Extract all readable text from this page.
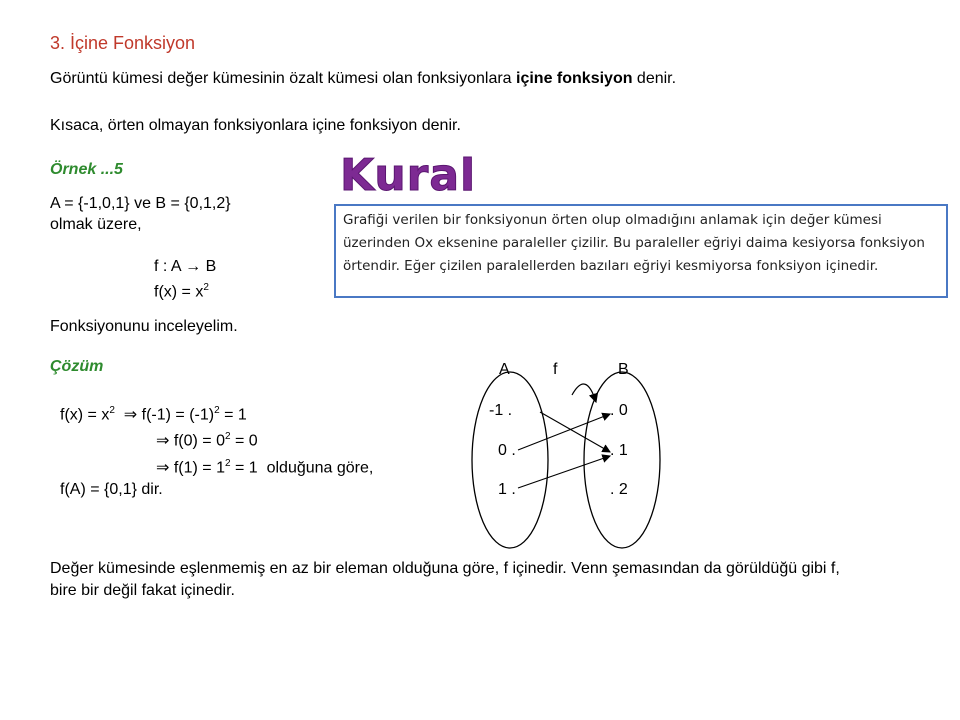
3. İçine Fonksiyon
Görüntü kümesi değer kümesinin özalt kümesi olan fonksiyonlara içine fonksiyon denir.
Kısaca, örten olmayan fonksiyonlara içine fonksiyon denir.
Örnek ...5
A = {-1,0,1} ve B = {0,1,2}
olmak üzere,
f : A → B
$f(x) = x^2$
Kural
Grafiği verilen bir fonksiyonun örten olup olmadığını anlamak için değer kümesi üzerinden Ox eksenine paraleller çizilir. Bu paraleller eğriyi daima kesiyorsa fonksiyon örtendir. Eğer çizilen paralellerden bazıları eğriyi kesmiyorsa fonksiyon içinedir.
Fonksiyonunu inceleyelim.
Çözüm
$f(x) = x^2$ ⇒ $f(-1) = (-1)^2 = 1$
⇒ $f(0) = 0^2 = 0$
⇒ $f(1) = 1^2 = 1$  olduğuna göre,
f(A) = {0,1} dir.
A	f	B
-1 .
0 .
1 .
. 0
. 1
. 2
Değer kümesinde eşlenmemiş en az bir eleman olduğuna göre, f içinedir. Venn şemasından da görüldüğü gibi f, bire bir değil fakat içinedir.
